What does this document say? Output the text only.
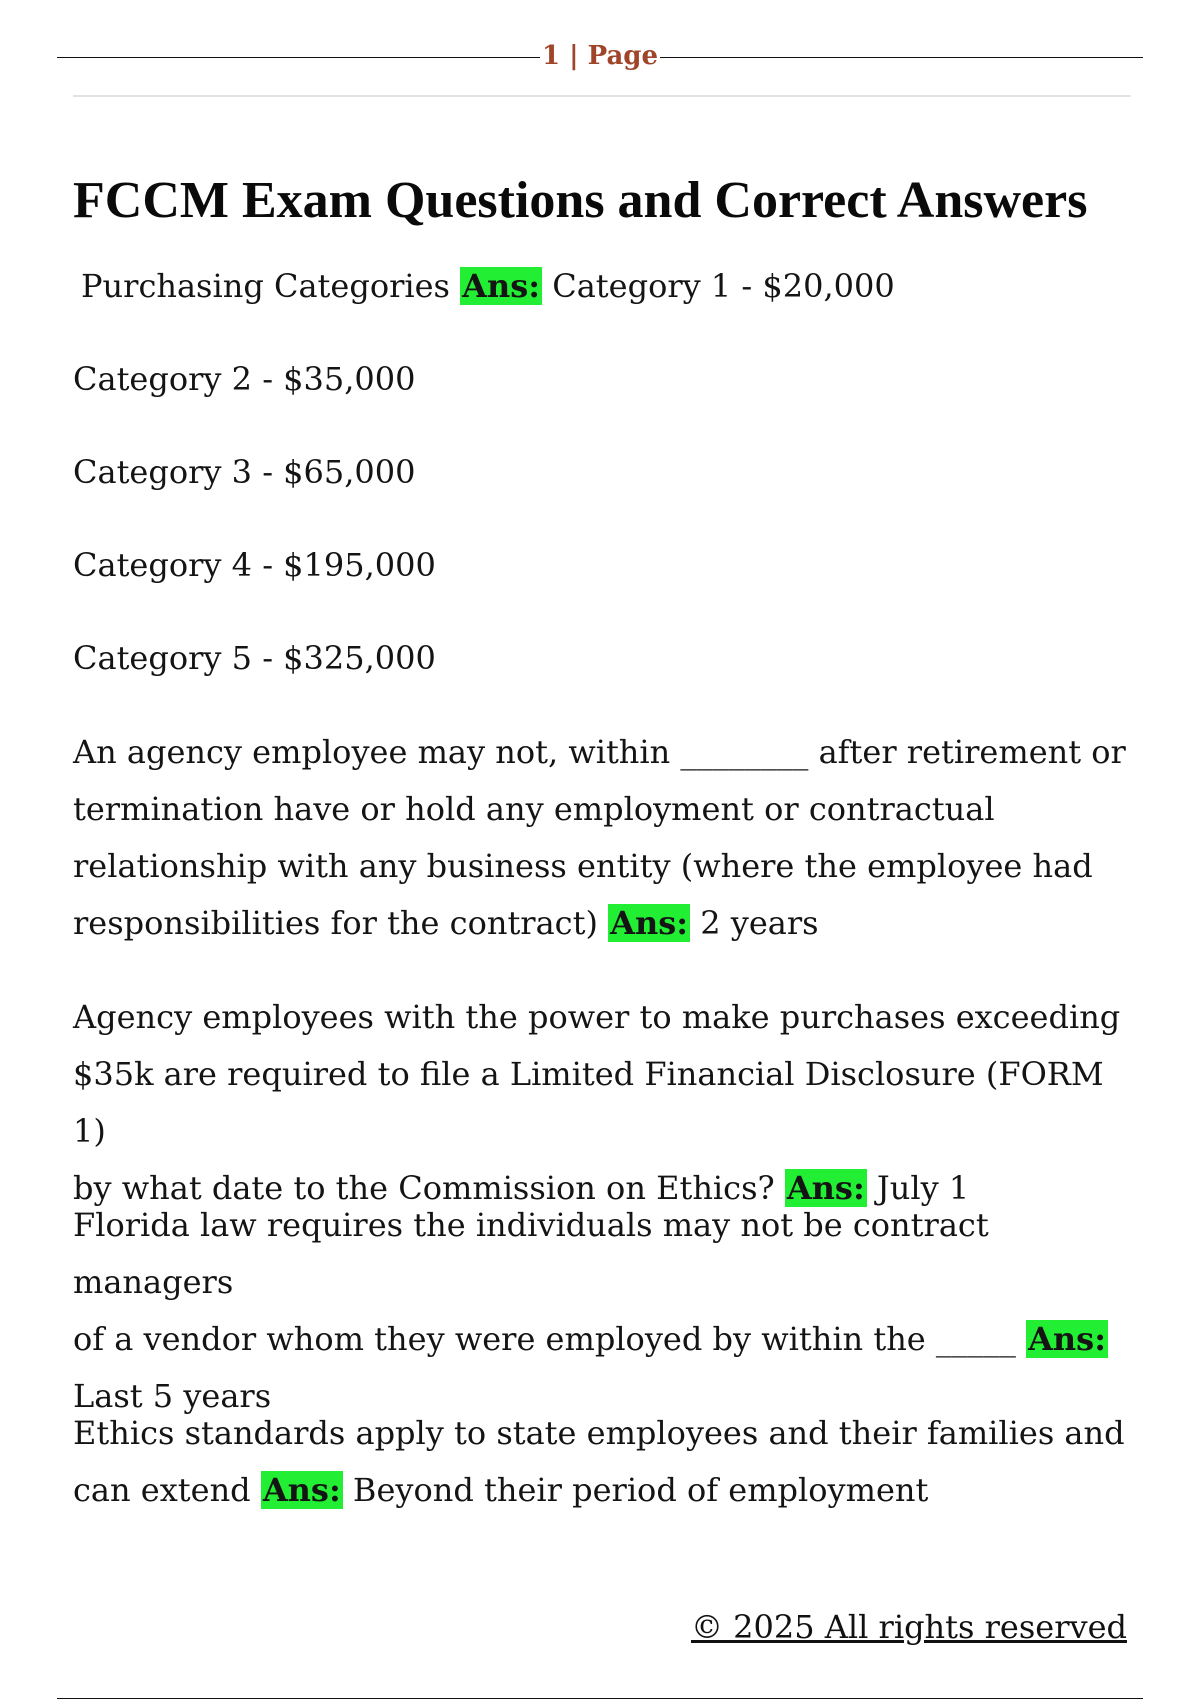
1 | Page
FCCM Exam Questions and Correct Answers

Purchasing Categories Ans: Category 1 - $20,000

Category 2 - $35,000

Category 3 - $65,000

Category 4 - $195,000

Category 5 - $325,000

An agency employee may not, within ________ after retirement or
termination have or hold any employment or contractual
relationship with any business entity (where the employee had
responsibilities for the contract) Ans: 2 years

Agency employees with the power to make purchases exceeding
$35k are required to file a Limited Financial Disclosure (FORM 1)
by what date to the Commission on Ethics? Ans: July 1

Florida law requires the individuals may not be contract managers
of a vendor whom they were employed by within the _____ Ans:
Last 5 years

Ethics standards apply to state employees and their families and
can extend Ans: Beyond their period of employment

© 2025 All rights reserved
